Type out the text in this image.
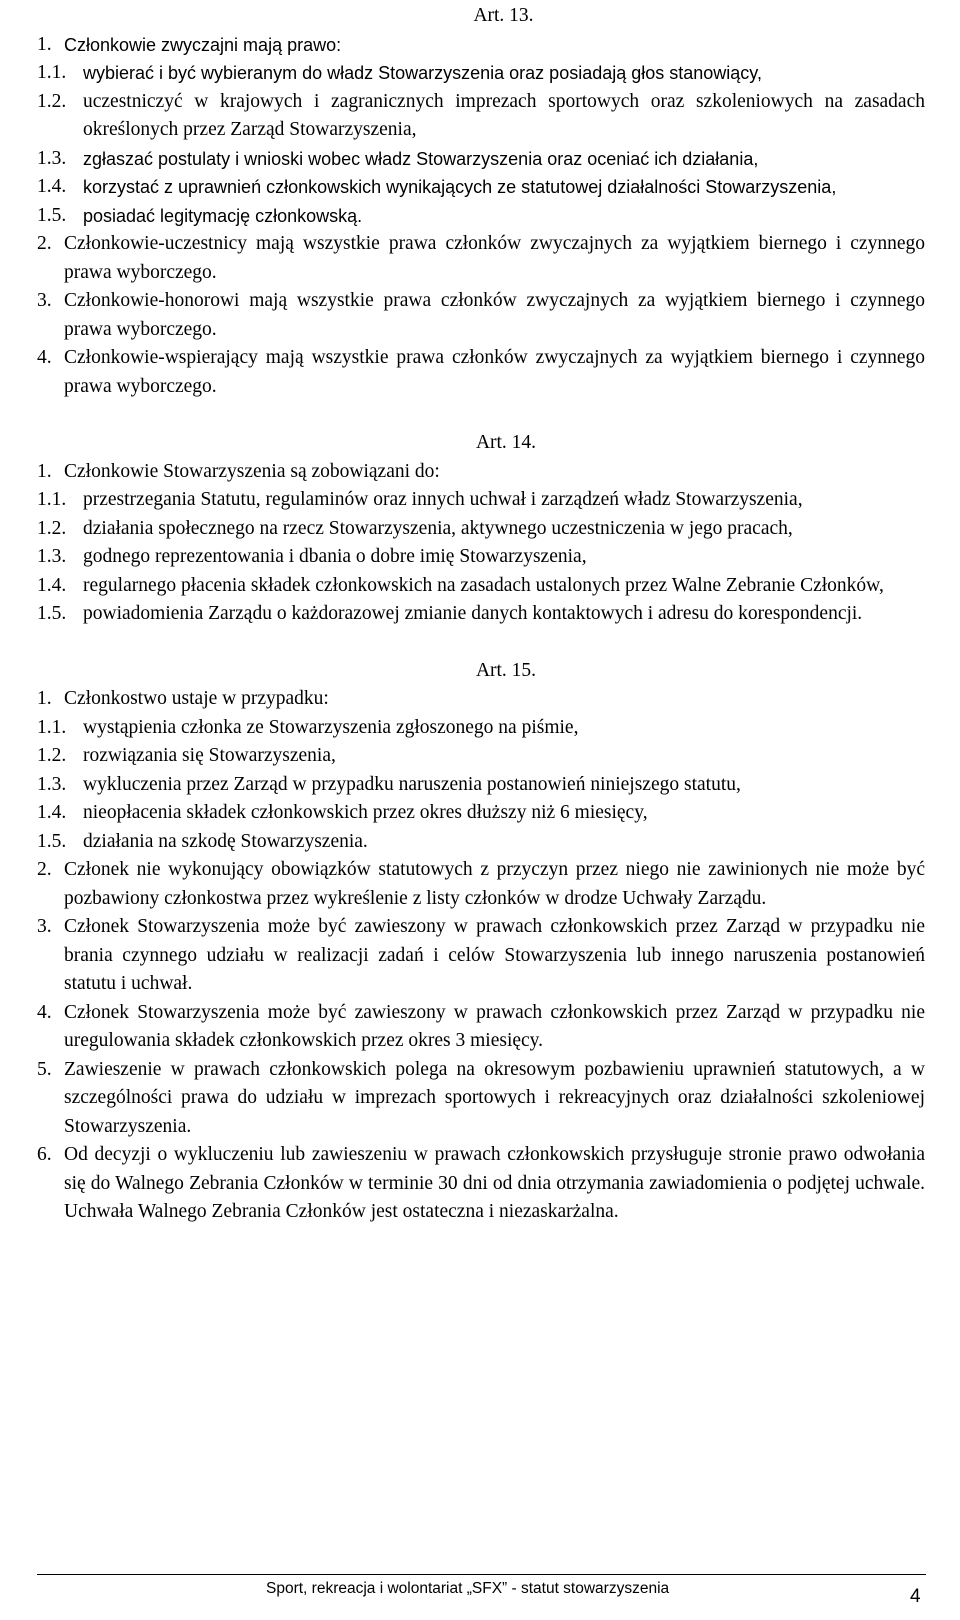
Art. 13.
1. Członkowie zwyczajni mają prawo:
1.1. wybierać i być wybieranym do władz Stowarzyszenia oraz posiadają głos stanowiący,
1.2. uczestniczyć w krajowych i zagranicznych imprezach sportowych oraz szkoleniowych na zasadach określonych przez Zarząd Stowarzyszenia,
1.3. zgłaszać postulaty i wnioski wobec władz Stowarzyszenia oraz oceniać ich działania,
1.4. korzystać z uprawnień członkowskich wynikających ze statutowej działalności Stowarzyszenia,
1.5. posiadać legitymację członkowską.
2. Członkowie-uczestnicy mają wszystkie prawa członków zwyczajnych za wyjątkiem biernego i czynnego prawa wyborczego.
3. Członkowie-honorowi mają wszystkie prawa członków zwyczajnych za wyjątkiem biernego i czynnego prawa wyborczego.
4. Członkowie-wspierający mają wszystkie prawa członków zwyczajnych za wyjątkiem biernego i czynnego prawa wyborczego.
Art. 14.
1. Członkowie Stowarzyszenia są zobowiązani do:
1.1. przestrzegania Statutu, regulaminów oraz innych uchwał i zarządzeń władz Stowarzyszenia,
1.2. działania społecznego na rzecz Stowarzyszenia, aktywnego uczestniczenia w jego pracach,
1.3. godnego reprezentowania i dbania o dobre imię Stowarzyszenia,
1.4. regularnego płacenia składek członkowskich na zasadach ustalonych przez Walne Zebranie Członków,
1.5. powiadomienia Zarządu o każdorazowej zmianie danych kontaktowych i adresu do korespondencji.
Art. 15.
1. Członkostwo ustaje w przypadku:
1.1. wystąpienia członka ze Stowarzyszenia zgłoszonego na piśmie,
1.2. rozwiązania się Stowarzyszenia,
1.3. wykluczenia przez Zarząd w przypadku naruszenia postanowień niniejszego statutu,
1.4. nieopłacenia składek członkowskich przez okres dłuższy niż 6 miesięcy,
1.5. działania na szkodę Stowarzyszenia.
2. Członek nie wykonujący obowiązków statutowych z przyczyn przez niego nie zawinionych nie może być pozbawiony członkostwa przez wykreślenie z listy członków w drodze Uchwały Zarządu.
3. Członek Stowarzyszenia może być zawieszony w prawach członkowskich przez Zarząd w przypadku nie brania czynnego udziału w realizacji zadań i celów Stowarzyszenia lub innego naruszenia postanowień statutu i uchwał.
4. Członek Stowarzyszenia może być zawieszony w prawach członkowskich przez Zarząd w przypadku nie uregulowania składek członkowskich przez okres 3 miesięcy.
5. Zawieszenie w prawach członkowskich polega na okresowym pozbawieniu uprawnień statutowych, a w szczególności prawa do udziału w imprezach sportowych i rekreacyjnych oraz działalności szkoleniowej Stowarzyszenia.
6. Od decyzji o wykluczeniu lub zawieszeniu w prawach członkowskich przysługuje stronie prawo odwołania się do Walnego Zebrania Członków w terminie 30 dni od dnia otrzymania zawiadomienia o podjętej uchwale. Uchwała Walnego Zebrania Członków jest ostateczna i niezaskarżalna.
Sport, rekreacja i wolontariat „SFX” - statut stowarzyszenia	4
